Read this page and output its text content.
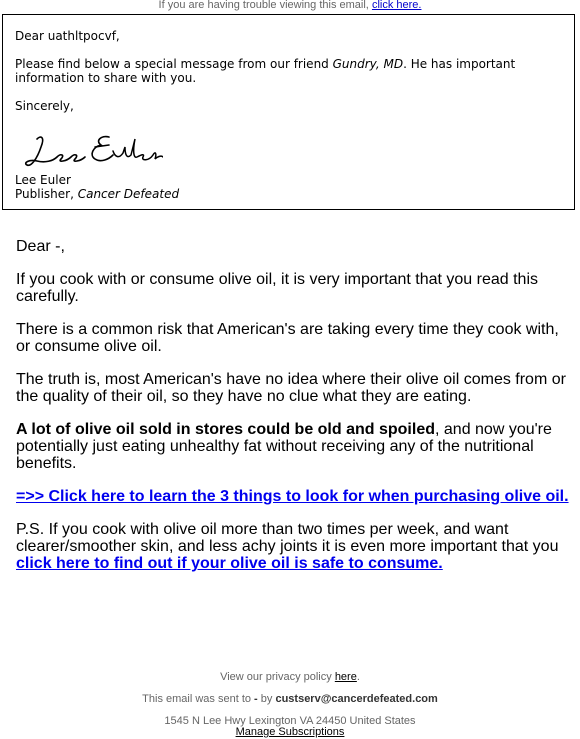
If you are having trouble viewing this email, click here.

Dear uathltpocvf,

Please find below a special message from our friend Gundry, MD. He has important information to share with you.

Sincerely,

Lee Euler
Publisher, Cancer Defeated

Dear -,

If you cook with or consume olive oil, it is very important that you read this carefully.

There is a common risk that American's are taking every time they cook with, or consume olive oil.

The truth is, most American's have no idea where their olive oil comes from or the quality of their oil, so they have no clue what they are eating.

A lot of olive oil sold in stores could be old and spoiled, and now you're potentially just eating unhealthy fat without receiving any of the nutritional benefits.

=>> Click here to learn the 3 things to look for when purchasing olive oil.

P.S. If you cook with olive oil more than two times per week, and want clearer/smoother skin, and less achy joints it is even more important that you click here to find out if your olive oil is safe to consume.

View our privacy policy here.
This email was sent to - by custserv@cancerdefeated.com
1545 N Lee Hwy Lexington VA 24450 United States
Manage Subscriptions
